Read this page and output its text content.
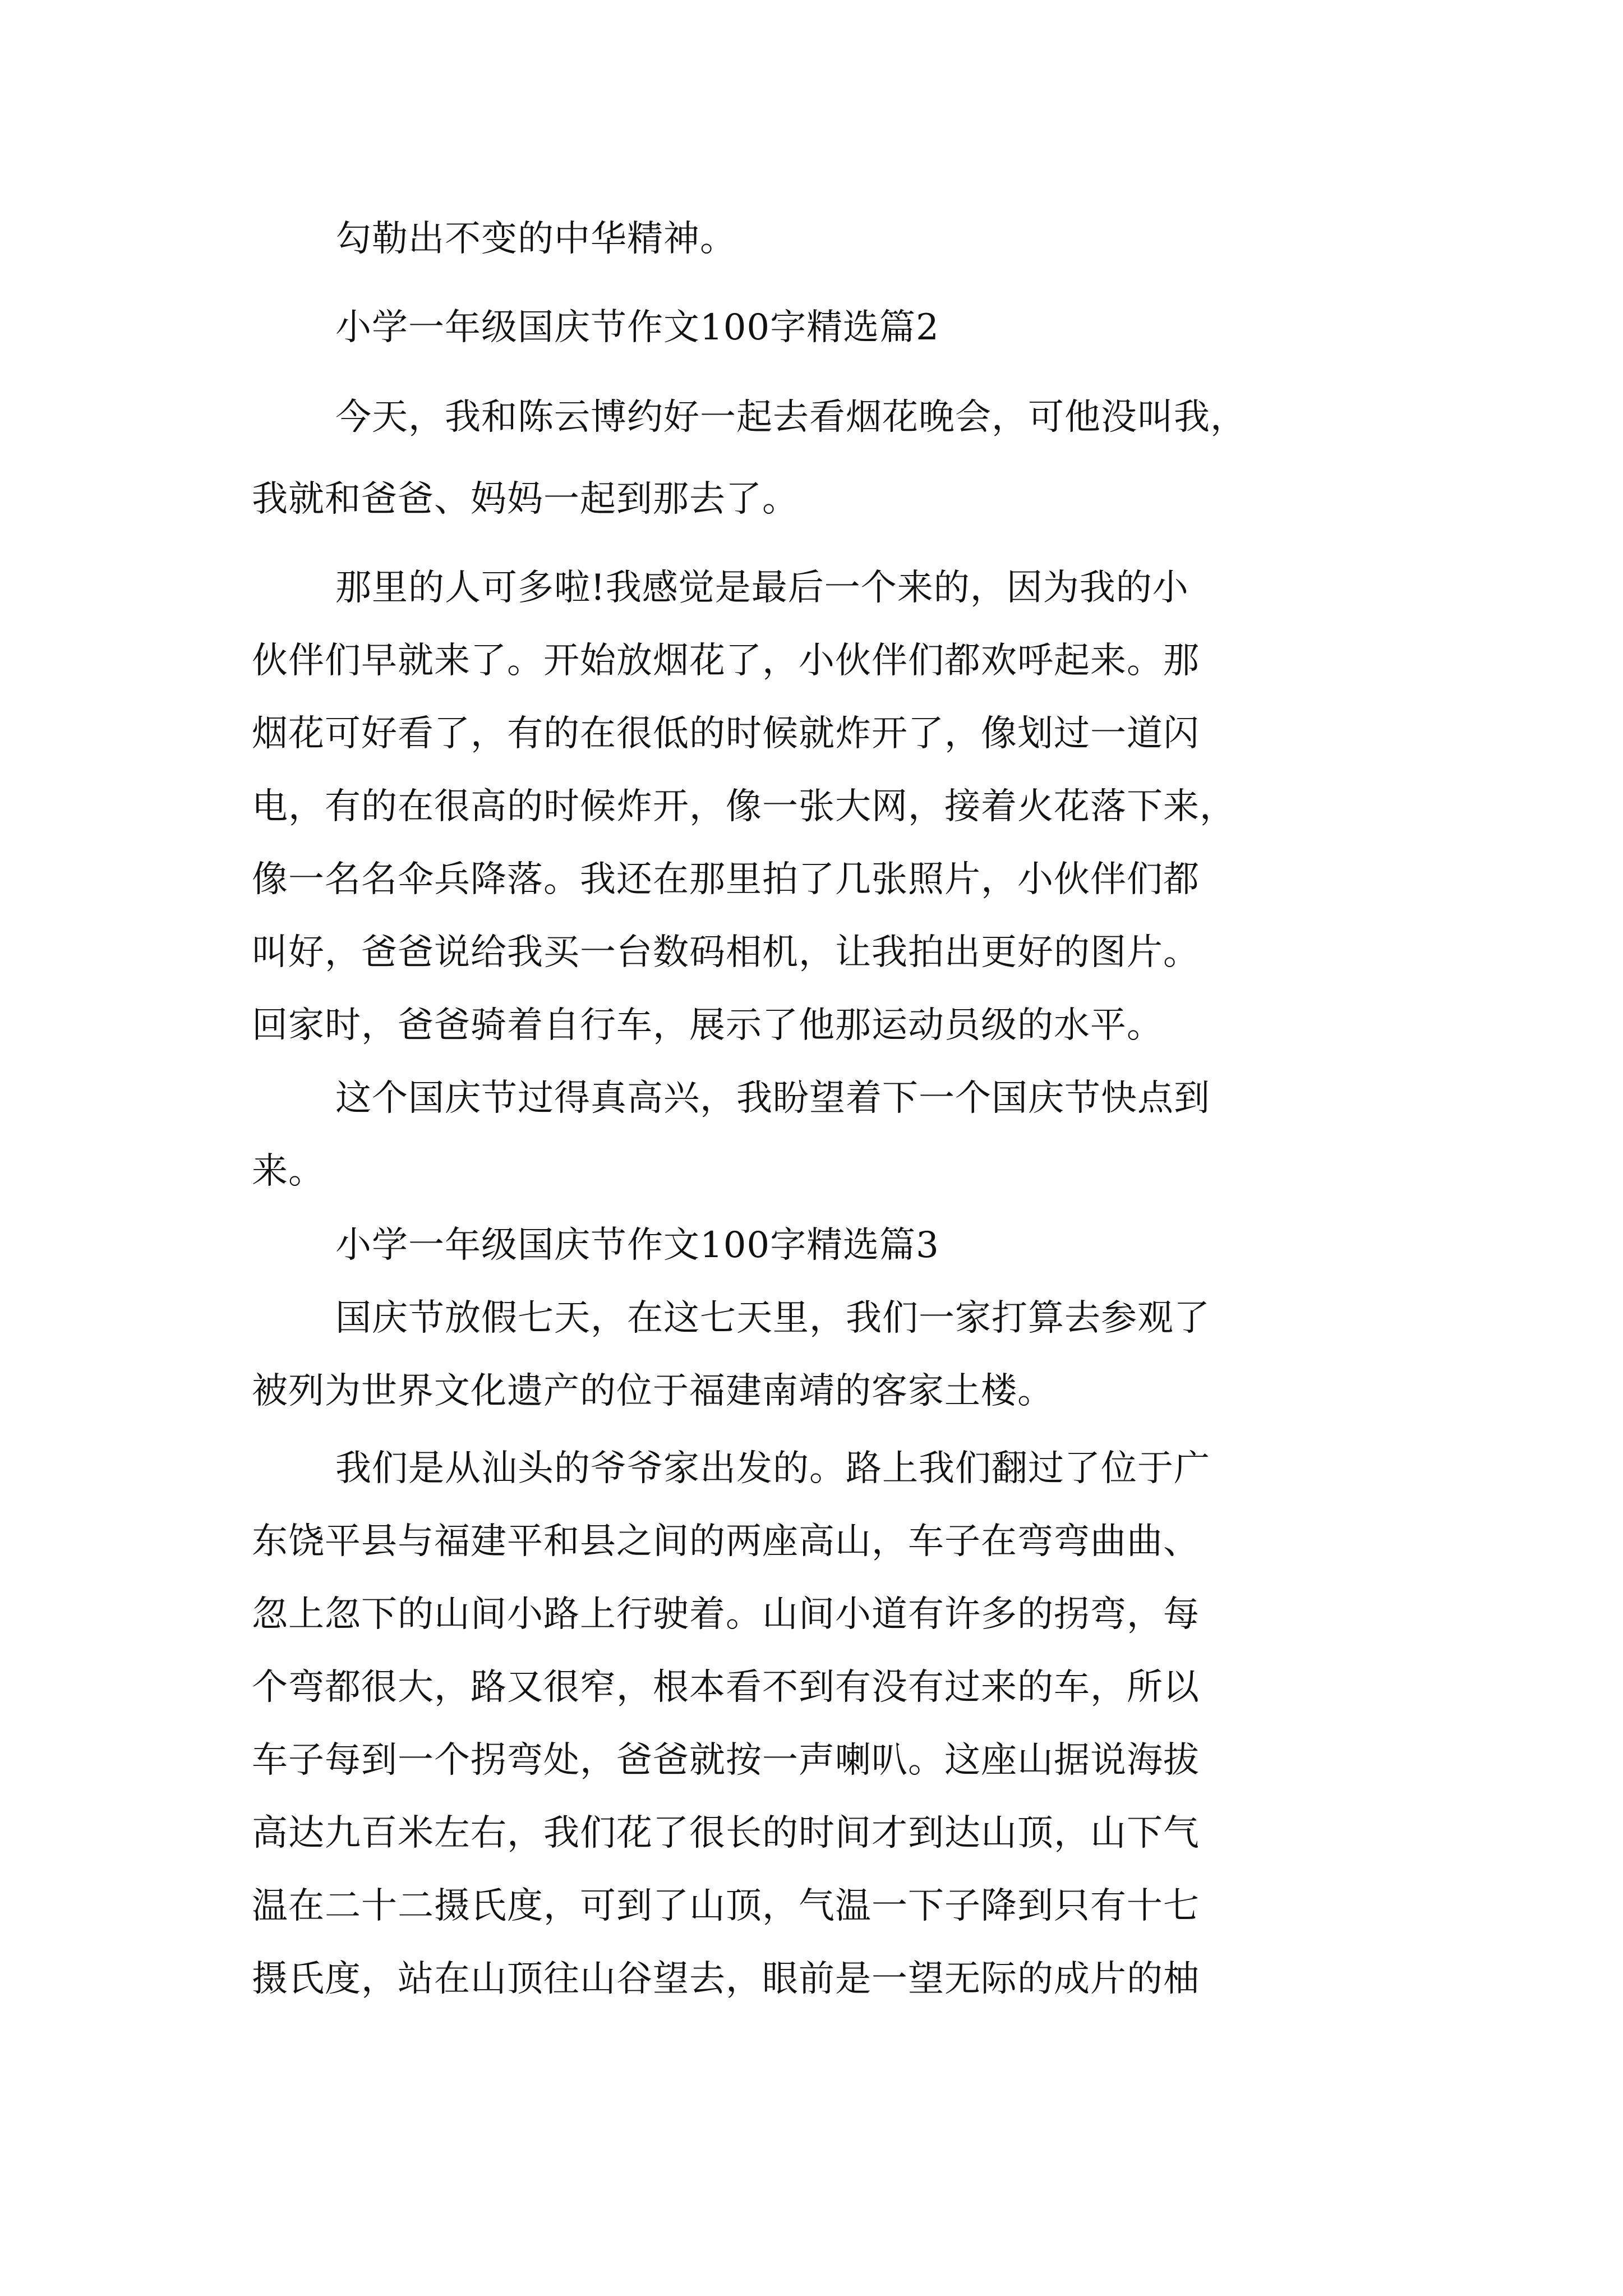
勾勒出不变的中华精神。
小学一年级国庆节作文100字精选篇2
今天，我和陈云博约好一起去看烟花晚会，可他没叫我，
我就和爸爸、妈妈一起到那去了。
那里的人可多啦!我感觉是最后一个来的，因为我的小
伙伴们早就来了。开始放烟花了，小伙伴们都欢呼起来。那
烟花可好看了，有的在很低的时候就炸开了，像划过一道闪
电，有的在很高的时候炸开，像一张大网，接着火花落下来，
像一名名伞兵降落。我还在那里拍了几张照片，小伙伴们都
叫好，爸爸说给我买一台数码相机，让我拍出更好的图片。
回家时，爸爸骑着自行车，展示了他那运动员级的水平。
这个国庆节过得真高兴，我盼望着下一个国庆节快点到
来。
小学一年级国庆节作文100字精选篇3
国庆节放假七天，在这七天里，我们一家打算去参观了
被列为世界文化遗产的位于福建南靖的客家土楼。
我们是从汕头的爷爷家出发的。路上我们翻过了位于广
东饶平县与福建平和县之间的两座高山，车子在弯弯曲曲、
忽上忽下的山间小路上行驶着。山间小道有许多的拐弯，每
个弯都很大，路又很窄，根本看不到有没有过来的车，所以
车子每到一个拐弯处，爸爸就按一声喇叭。这座山据说海拔
高达九百米左右，我们花了很长的时间才到达山顶，山下气
温在二十二摄氏度，可到了山顶，气温一下子降到只有十七
摄氏度，站在山顶往山谷望去，眼前是一望无际的成片的柚
